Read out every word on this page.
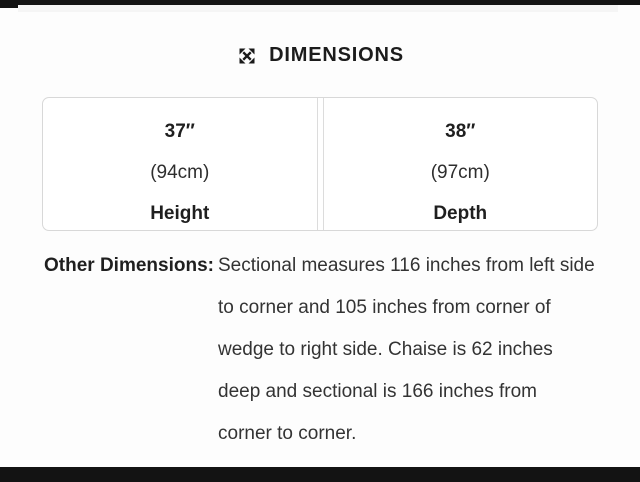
DIMENSIONS

37″

(94cm)

Height

38″

(97cm)

Depth

Other Dimensions: Sectional measures 116 inches from left side to corner and 105 inches from corner of wedge to right side. Chaise is 62 inches deep and sectional is 166 inches from corner to corner.
